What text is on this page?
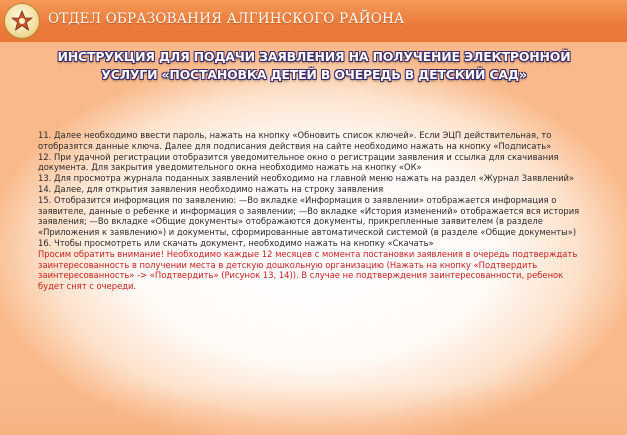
ОТДЕЛ ОБРАЗОВАНИЯ АЛГИНСКОГО РАЙОНА
ИНСТРУКЦИЯ ДЛЯ ПОДАЧИ ЗАЯВЛЕНИЯ НА ПОЛУЧЕНИЕ ЭЛЕКТРОННОЙ
УСЛУГИ «ПОСТАНОВКА ДЕТЕЙ В ОЧЕРЕДЬ В ДЕТСКИЙ САД»

11. Далее необходимо ввести пароль, нажать на кнопку «Обновить список ключей». Если ЭЦП действительная, то отобразятся данные ключа. Далее для подписания действия на сайте необходимо нажать на кнопку «Подписать»

12. При удачной регистрации отобразится уведомительное окно о регистрации заявления и ссылка для скачивания документа. Для закрытия уведомительного окна необходимо нажать на кнопку «ОК»

13. Для просмотра журнала поданных заявлений необходимо на главной меню нажать на раздел «Журнал Заявлений»

14. Далее, для открытия заявления необходимо нажать на строку заявления

15. Отобразится информация по заявлению: —Во вкладке «Информация о заявлении» отображается информация о заявителе, данные о ребенке и информация о заявлении; —Во вкладке «История изменений» отображается вся история заявления; —Во вкладке «Общие документы» отображаются документы, прикрепленные заявителем (в разделе «Приложения к заявлению») и документы, сформированные автоматической системой (в разделе «Общие документы»)

16. Чтобы просмотреть или скачать документ, необходимо нажать на кнопку «Скачать»

Просим обратить внимание! Необходимо каждые 12 месяцев с момента постановки заявления в очередь подтверждать заинтересованность в получении места в детскую дошкольную организацию (Нажать на кнопку «Подтвердить заинтересованность» -> «Подтвердить» (Рисунок 13, 14)). В случае не подтверждения заинтересованности, ребенок будет снят с очереди.
